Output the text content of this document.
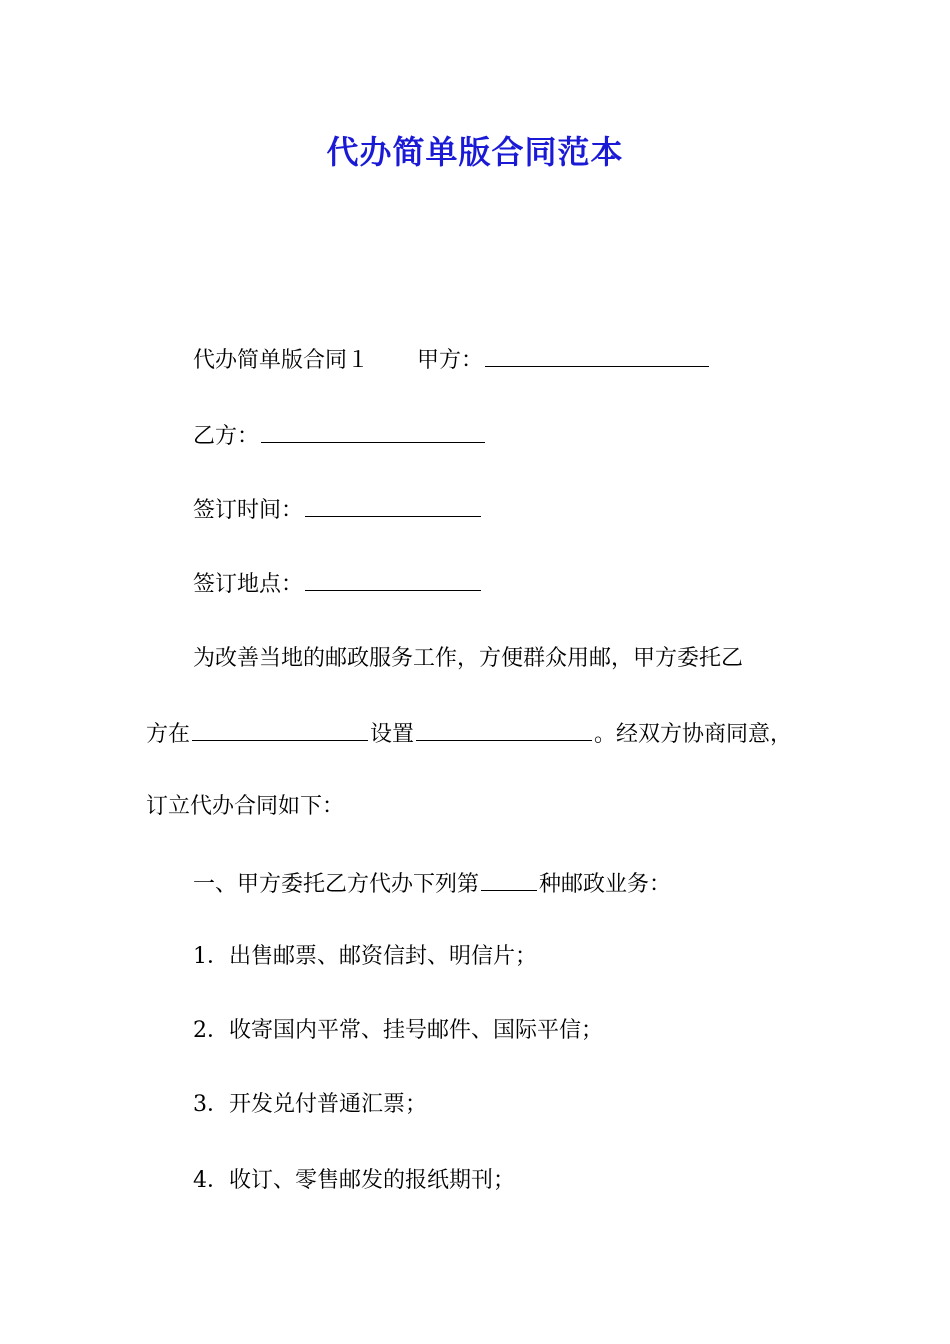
代办简单版合同范本
代办简单版合同１ 甲方：
乙方：
签订时间：
签订地点：
为改善当地的邮政服务工作，方便群众用邮，甲方委托乙
方在	设置	。经双方协商同意，
订立代办合同如下：
一、甲方委托乙方代办下列第	种邮政业务：
1．出售邮票、邮资信封、明信片；
2．收寄国内平常、挂号邮件、国际平信；
3．开发兑付普通汇票；
4．收订、零售邮发的报纸期刊；
